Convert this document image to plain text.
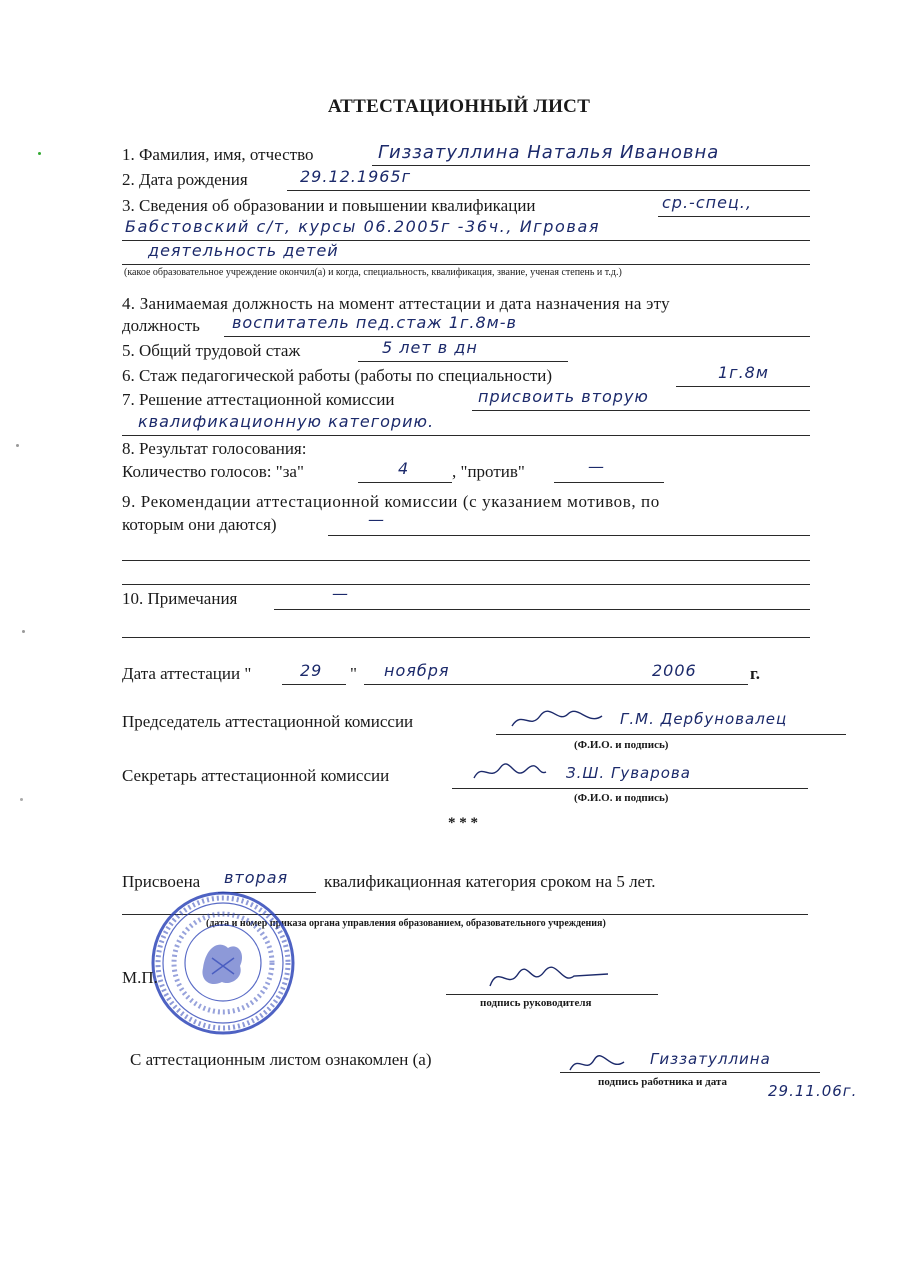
АТТЕСТАЦИОННЫЙ ЛИСТ
1. Фамилия, имя, отчество	Гиззатуллина Наталья Ивановна
2. Дата рождения	29.12.1965г
3. Сведения об образовании и повышении квалификации	ср.-спец.,
Бабстовский с/т, курсы 06.2005г -36ч., Игровая
деятельность детей
(какое образовательное учреждение окончил(а) и когда, специальность, квалификация, звание, ученая степень и т.д.)
4. Занимаемая должность на момент аттестации и дата назначения на эту
должность воспитатель пед.стаж 1г.8м-в
5. Общий трудовой стаж	5 лет в дн
6. Стаж педагогической работы (работы по специальности)	1г.8м
7. Решение аттестационной комиссии	присвоить вторую
квалификационную категорию.
8. Результат голосования:
Количество голосов: "за"	4	, "против"	—
9. Рекомендации аттестационной комиссии (с указанием мотивов, по
которым они даются)	—
10. Примечания	—
Дата аттестации "	29 " ноября	2006	г.
Председатель аттестационной комиссии	Г.М. Дербуновалец
(Ф.И.О. и подпись)
Секретарь аттестационной комиссии	З.Ш. Гуварова
(Ф.И.О. и подпись)
* * *
Присвоена вторая квалификационная категория сроком на 5 лет.
(дата и номер приказа органа управления образованием, образовательного учреждения)
М.П.
подпись руководителя
С аттестационным листом ознакомлен (а)	Гиззатуллина
подпись работника и дата	29.11.06г.
